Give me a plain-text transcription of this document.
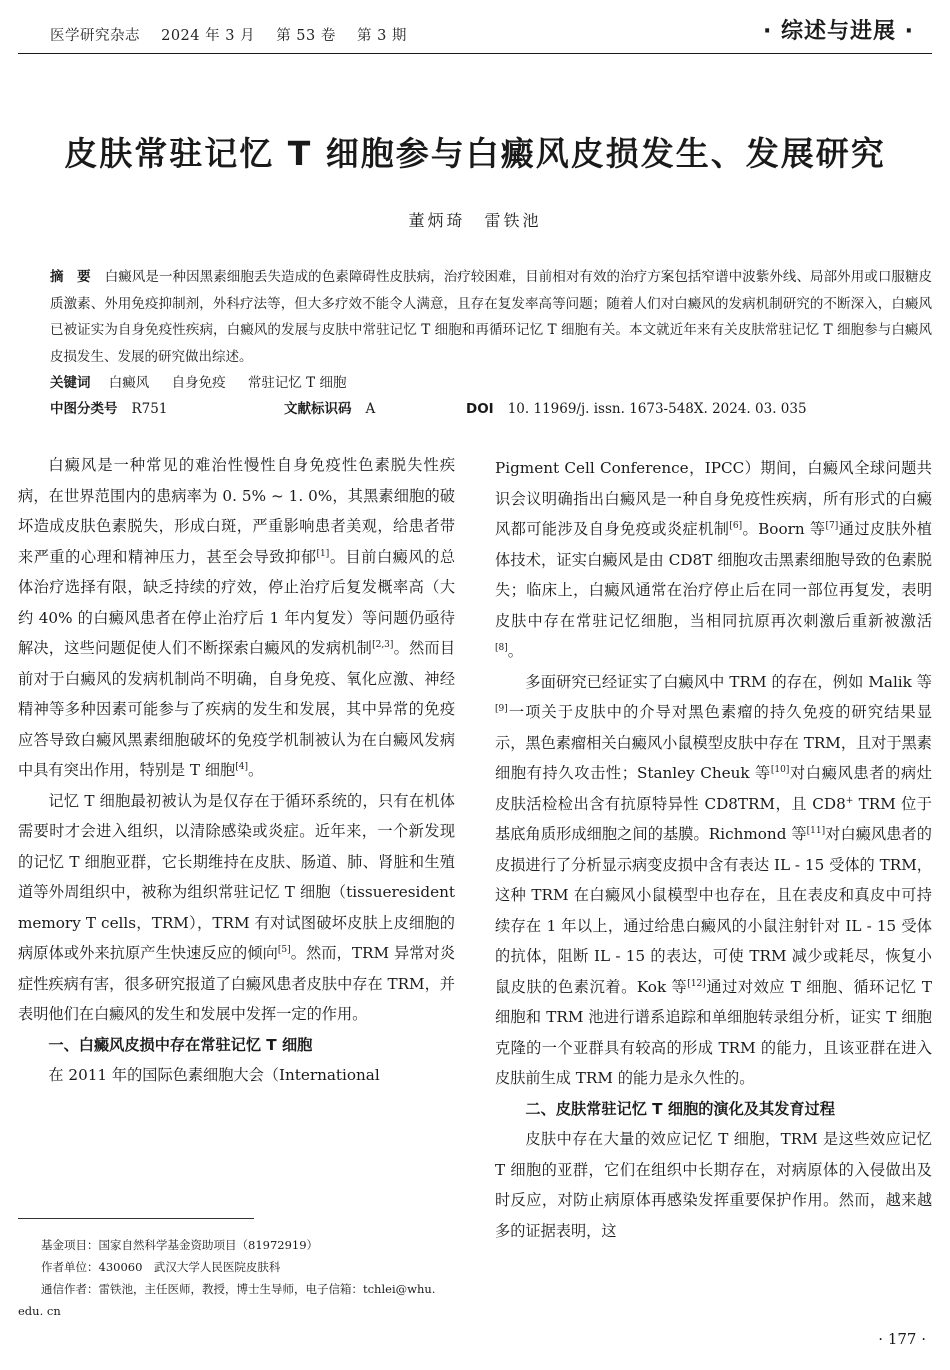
医学研究杂志 2024 年 3 月 第 53 卷 第 3 期	· 综述与进展 ·
皮肤常驻记忆 T 细胞参与白癜风皮损发生、发展研究
董炳琦　雷铁池
摘　要 白癜风是一种因黑素细胞丢失造成的色素障碍性皮肤病，治疗较困难，目前相对有效的治疗方案包括窄谱中波紫外线、局部外用或口服糖皮质激素、外用免疫抑制剂，外科疗法等，但大多疗效不能令人满意，且存在复发率高等问题；随着人们对白癜风的发病机制研究的不断深入，白癜风已被证实为自身免疫性疾病，白癜风的发展与皮肤中常驻记忆 T 细胞和再循环记忆 T 细胞有关。本文就近年来有关皮肤常驻记忆 T 细胞参与白癜风皮损发生、发展的研究做出综述。
关键词 白癜风 自身免疫 常驻记忆 T 细胞
中图分类号 R751	文献标识码 A	DOI 10. 11969/j. issn. 1673-548X. 2024. 03. 035

白癜风是一种常见的难治性慢性自身免疫性色素脱失性疾病，在世界范围内的患病率为 0. 5% ~ 1. 0%，其黑素细胞的破坏造成皮肤色素脱失，形成白斑，严重影响患者美观，给患者带来严重的心理和精神压力，甚至会导致抑郁[1]。目前白癜风的总体治疗选择有限，缺乏持续的疗效，停止治疗后复发概率高（大约 40% 的白癜风患者在停止治疗后 1 年内复发）等问题仍亟待解决，这些问题促使人们不断探索白癜风的发病机制[2,3]。然而目前对于白癜风的发病机制尚不明确，自身免疫、氧化应激、神经精神等多种因素可能参与了疾病的发生和发展，其中异常的免疫应答导致白癜风黑素细胞破坏的免疫学机制被认为在白癜风发病中具有突出作用，特别是 T 细胞[4]。

记忆 T 细胞最初被认为是仅存在于循环系统的，只有在机体需要时才会进入组织，以清除感染或炎症。近年来，一个新发现的记忆 T 细胞亚群，它长期维持在皮肤、肠道、肺、肾脏和生殖道等外周组织中，被称为组织常驻记忆 T 细胞（tissueresident memory T cells，TRM），TRM 有对试图破坏皮肤上皮细胞的病原体或外来抗原产生快速反应的倾向[5]。然而，TRM 异常对炎症性疾病有害，很多研究报道了白癜风患者皮肤中存在 TRM，并表明他们在白癜风的发生和发展中发挥一定的作用。

一、白癜风皮损中存在常驻记忆 T 细胞

在 2011 年的国际色素细胞大会（International

Pigment Cell Conference，IPCC）期间，白癜风全球问题共识会议明确指出白癜风是一种自身免疫性疾病，所有形式的白癜风都可能涉及自身免疫或炎症机制[6]。Boorn 等[7]通过皮肤外植体技术，证实白癜风是由 CD8T 细胞攻击黑素细胞导致的色素脱失；临床上，白癜风通常在治疗停止后在同一部位再复发，表明皮肤中存在常驻记忆细胞，当相同抗原再次刺激后重新被激活[8]。

多面研究已经证实了白癜风中 TRM 的存在，例如 Malik 等[9]一项关于皮肤中的介导对黑色素瘤的持久免疫的研究结果显示，黑色素瘤相关白癜风小鼠模型皮肤中存在 TRM，且对于黑素细胞有持久攻击性；Stanley Cheuk 等[10]对白癜风患者的病灶皮肤活检检出含有抗原特异性 CD8TRM，且 CD8+ TRM 位于基底角质形成细胞之间的基膜。Richmond 等[11]对白癜风患者的皮损进行了分析显示病变皮损中含有表达 IL - 15 受体的 TRM，这种 TRM 在白癜风小鼠模型中也存在，且在表皮和真皮中可持续存在 1 年以上，通过给患白癜风的小鼠注射针对 IL - 15 受体的抗体，阻断 IL - 15 的表达，可使 TRM 减少或耗尽，恢复小鼠皮肤的色素沉着。Kok 等[12]通过对效应 T 细胞、循环记忆 T 细胞和 TRM 池进行谱系追踪和单细胞转录组分析，证实 T 细胞克隆的一个亚群具有较高的形成 TRM 的能力，且该亚群在进入皮肤前生成 TRM 的能力是永久性的。

二、皮肤常驻记忆 T 细胞的演化及其发育过程

皮肤中存在大量的效应记忆 T 细胞，TRM 是这些效应记忆 T 细胞的亚群，它们在组织中长期存在，对病原体的入侵做出及时反应，对防止病原体再感染发挥重要保护作用。然而，越来越多的证据表明，这

基金项目：国家自然科学基金资助项目（81972919）

作者单位：430060　武汉大学人民医院皮肤科

通信作者：雷铁池，主任医师，教授，博士生导师，电子信箱：tchlei@whu. edu. cn

· 177 ·
